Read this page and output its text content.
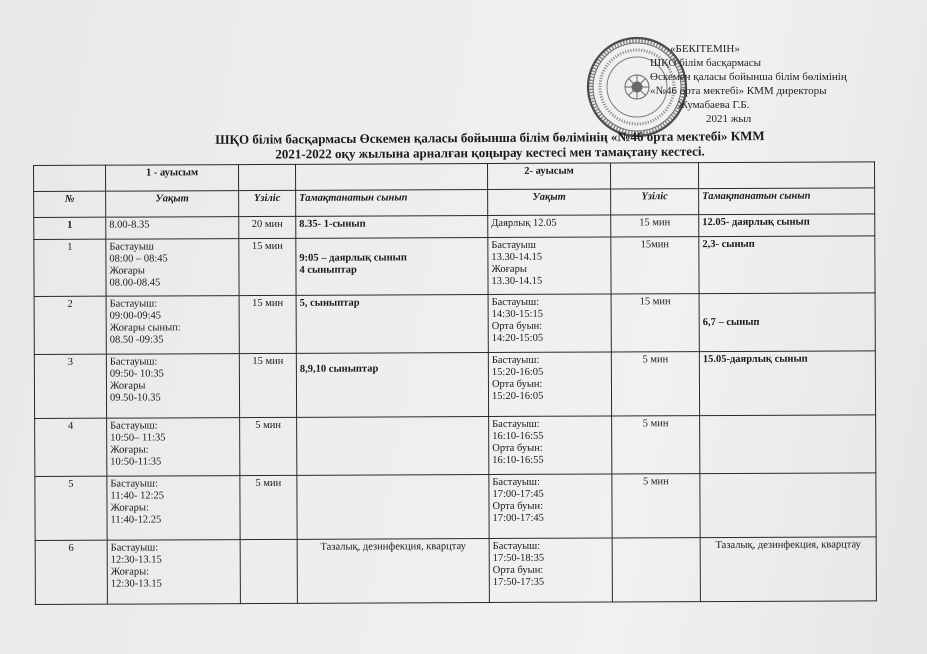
«БЕКІТЕМІН»
ШҚО білім басқармасы
Өскемен қаласы бойынша білім бөлімінің
«№46 орта мектебі» КММ директоры
Жумабаева Г.Б.
2021 жыл
ШҚО білім басқармасы Өскемен қаласы бойынша білім бөлімінің «№46 орта мектебі» КММ
2021-2022 оқу жылына арналған қоңырау кестесі мен тамақтану кестесі.
	1 - ауысым			2- ауысым		
№	Уақыт	Үзіліс	Тамақтанатын сынып	Уақыт	Үзіліс	Тамақтанатын сынып
1	8.00-8.35	20 мин	8.35- 1-сынып	Даярлық 12.05	15 мин	12.05- даярлық сынып
1	Бастауыш
08:00 – 08:45
Жоғары
08.00-08.45	15 мин	9:05 – даярлық сынып
4 сыныптар	Бастауыш
13.30-14.15
Жоғары
13.30-14.15	15мин	2,3- сынып
2	Бастауыш:
09:00-09:45
Жоғары сынып:
08.50 -09:35	15 мин	5, сыныптар	Бастауыш:
14:30-15:15
Орта буын:
14:20-15:05	15 мин	6,7 – сынып
3	Бастауыш:
09:50- 10:35
Жоғары
09.50-10.35	15 мин	8,9,10 сыныптар	Бастауыш:
15:20-16:05
Орта буын:
15:20-16:05	5 мин	15.05-даярлық сынып
4	Бастауыш:
10:50– 11:35
Жоғары:
10:50-11:35	5 мин		Бастауыш:
16:10-16:55
Орта буын:
16:10-16:55	5 мин	
5	Бастауыш:
11:40- 12:25
Жоғары:
11:40-12.25	5 мин		Бастауыш:
17:00-17:45
Орта буын:
17:00-17:45	5 мин	
6	Бастауыш:
12:30-13.15
Жоғары:
12:30-13.15		Тазалық, дезинфекция, кварцтау	Бастауыш:
17:50-18:35
Орта буын:
17:50-17:35		Тазалық, дезинфекция, кварцтау
